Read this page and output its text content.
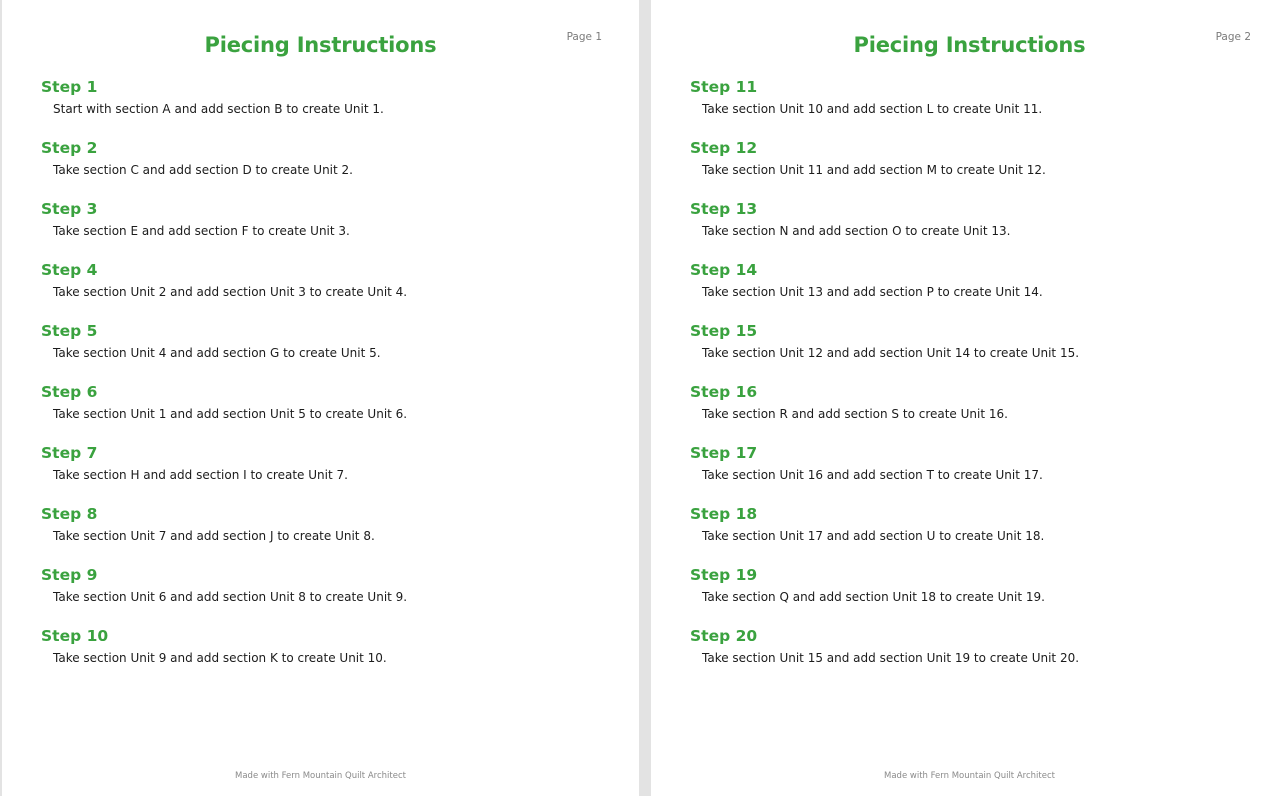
Piecing Instructions	Page 1
Step 1
Start with section A and add section B to create Unit 1.
Step 2
Take section C and add section D to create Unit 2.
Step 3
Take section E and add section F to create Unit 3.
Step 4
Take section Unit 2 and add section Unit 3 to create Unit 4.
Step 5
Take section Unit 4 and add section G to create Unit 5.
Step 6
Take section Unit 1 and add section Unit 5 to create Unit 6.
Step 7
Take section H and add section I to create Unit 7.
Step 8
Take section Unit 7 and add section J to create Unit 8.
Step 9
Take section Unit 6 and add section Unit 8 to create Unit 9.
Step 10
Take section Unit 9 and add section K to create Unit 10.
Made with Fern Mountain Quilt Architect
Piecing Instructions	Page 2
Step 11
Take section Unit 10 and add section L to create Unit 11.
Step 12
Take section Unit 11 and add section M to create Unit 12.
Step 13
Take section N and add section O to create Unit 13.
Step 14
Take section Unit 13 and add section P to create Unit 14.
Step 15
Take section Unit 12 and add section Unit 14 to create Unit 15.
Step 16
Take section R and add section S to create Unit 16.
Step 17
Take section Unit 16 and add section T to create Unit 17.
Step 18
Take section Unit 17 and add section U to create Unit 18.
Step 19
Take section Q and add section Unit 18 to create Unit 19.
Step 20
Take section Unit 15 and add section Unit 19 to create Unit 20.
Made with Fern Mountain Quilt Architect
